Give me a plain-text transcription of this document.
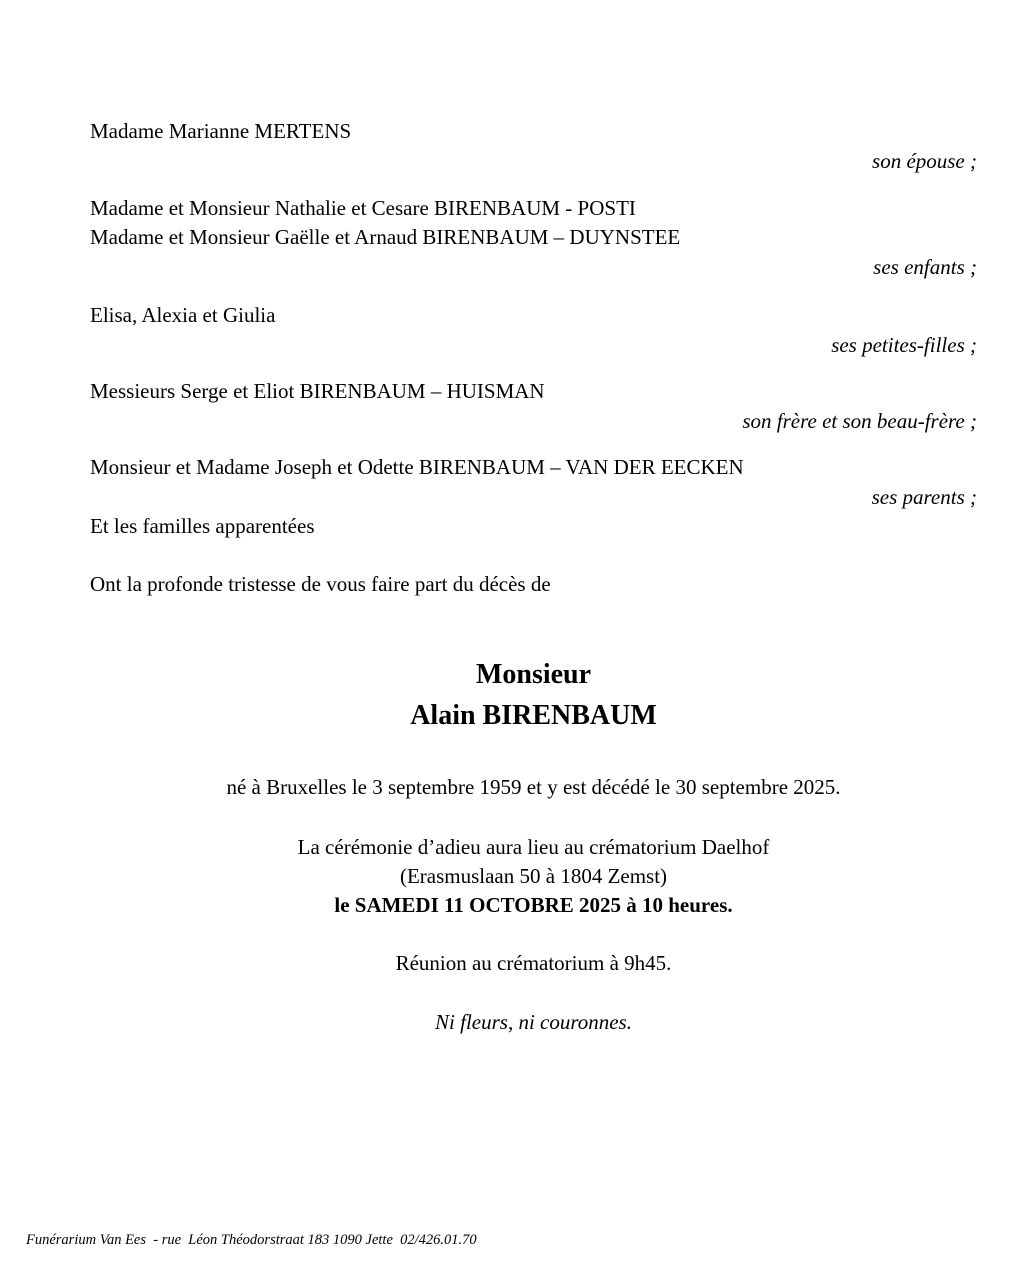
Madame Marianne MERTENS
son épouse ;
Madame et Monsieur Nathalie et Cesare BIRENBAUM - POSTI
Madame et Monsieur Gaëlle et Arnaud BIRENBAUM – DUYNSTEE
ses enfants ;
Elisa, Alexia et Giulia
ses petites-filles ;
Messieurs Serge et Eliot BIRENBAUM – HUISMAN
son frère et son beau-frère ;
Monsieur et Madame Joseph et Odette BIRENBAUM – VAN DER EECKEN
ses parents ;
Et les familles apparentées
Ont la profonde tristesse de vous faire part du décès de
Monsieur
Alain BIRENBAUM
né à Bruxelles le 3 septembre 1959 et y est décédé le 30 septembre 2025.
La cérémonie d’adieu aura lieu au crématorium Daelhof
(Erasmuslaan 50 à 1804 Zemst)
le SAMEDI 11 OCTOBRE 2025 à 10 heures.
Réunion au crématorium à 9h45.
Ni fleurs, ni couronnes.
Funérarium Van Ees  - rue  Léon Théodorstraat 183 1090 Jette  02/426.01.70
